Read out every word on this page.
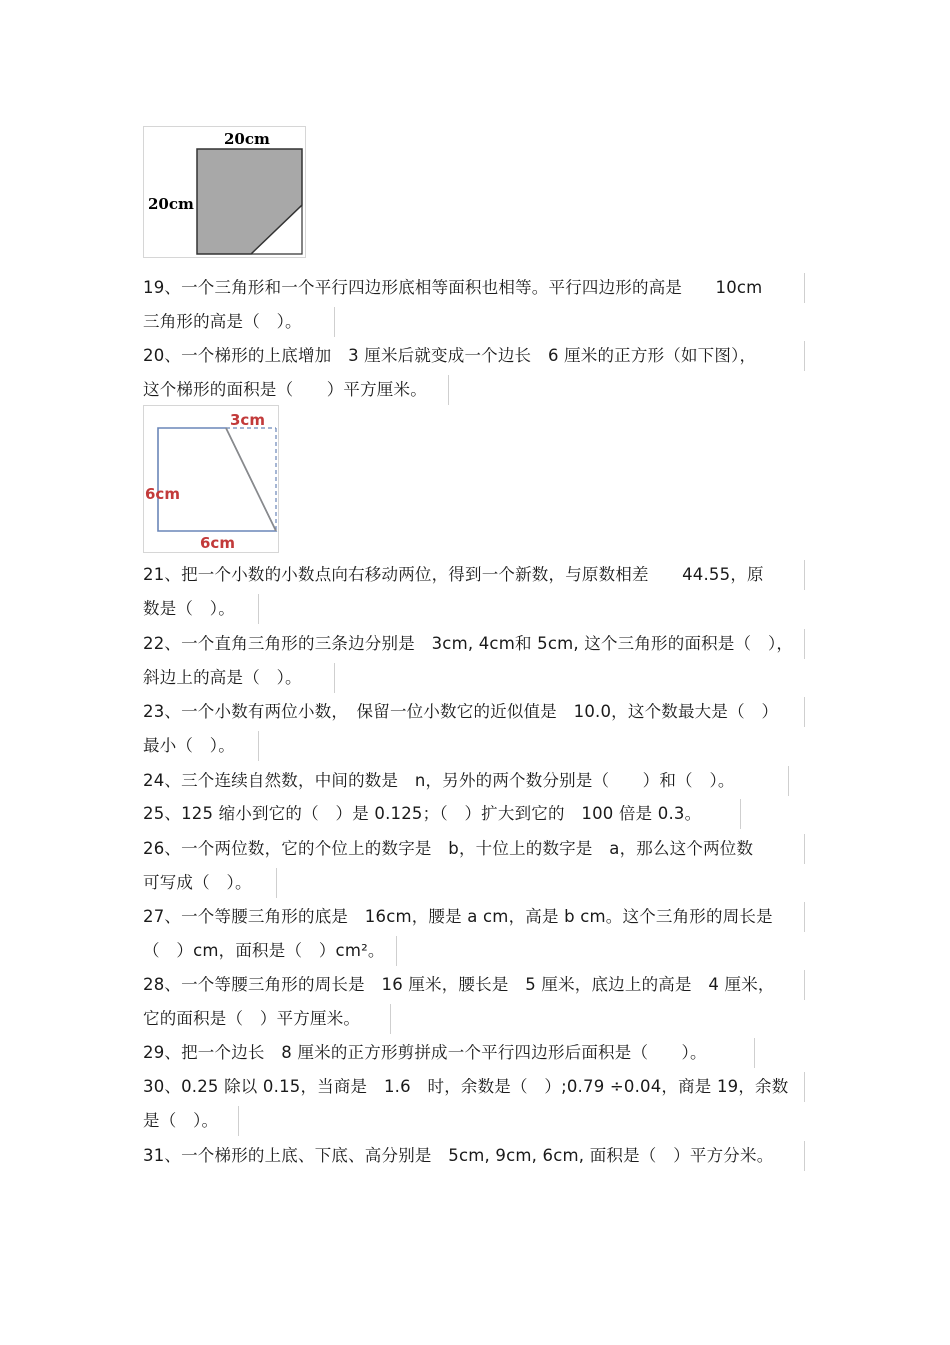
20cm
20cm
3cm
6cm
6cm
19、一个三角形和一个平行四边形底相等面积也相等。平行四边形的高是　　10cm
三角形的高是（　）。
20、一个梯形的上底增加　3 厘米后就变成一个边长　6 厘米的正方形（如下图），
这个梯形的面积是（　　）平方厘米。
21、把一个小数的小数点向右移动两位，得到一个新数，与原数相差　　44.55，原
数是（　）。
22、一个直角三角形的三条边分别是　3cm, 4cm和 5cm, 这个三角形的面积是（　），
斜边上的高是（　）。
23、一个小数有两位小数，　保留一位小数它的近似值是　10.0，这个数最大是（　）
最小（　）。
24、三个连续自然数，中间的数是　n，另外的两个数分别是（　　）和（　）。
25、125 缩小到它的（　）是 0.125；（　）扩大到它的　100 倍是 0.3。
26、一个两位数，它的个位上的数字是　b，十位上的数字是　a，那么这个两位数
可写成（　）。
27、一个等腰三角形的底是　16cm，腰是 a cm，高是 b cm。这个三角形的周长是
（　）cm，面积是（　）cm²。
28、一个等腰三角形的周长是　16 厘米，腰长是　5 厘米，底边上的高是　4 厘米，
它的面积是（　）平方厘米。
29、把一个边长　8 厘米的正方形剪拼成一个平行四边形后面积是（　　）。
30、0.25 除以 0.15，当商是　1.6　时，余数是（　）;0.79 ÷0.04，商是 19，余数
是（　）。
31、一个梯形的上底、下底、高分别是　5cm, 9cm, 6cm, 面积是（　）平方分米。
